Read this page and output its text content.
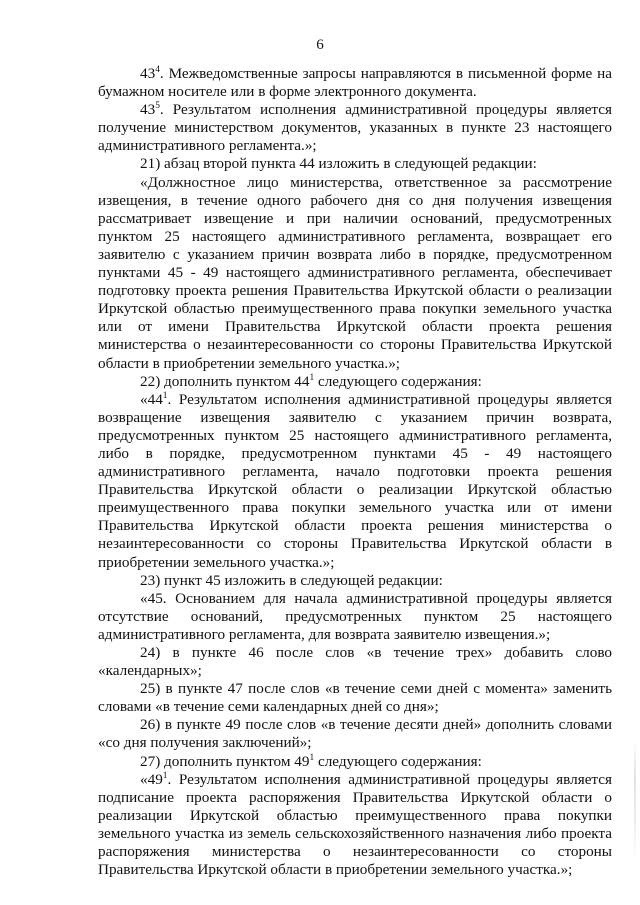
6

$43^4$. Межведомственные запросы направляются в письменной форме на бумажном носителе или в форме электронного документа.

$43^5$. Результатом исполнения административной процедуры является получение министерством документов, указанных в пункте 23 настоящего административного регламента.»;

21) абзац второй пункта 44 изложить в следующей редакции:

«Должностное лицо министерства, ответственное за рассмотрение извещения, в течение одного рабочего дня со дня получения извещения рассматривает извещение и при наличии оснований, предусмотренных пунктом 25 настоящего административного регламента, возвращает его заявителю с указанием причин возврата либо в порядке, предусмотренном пунктами 45 - 49 настоящего административного регламента, обеспечивает подготовку проекта решения Правительства Иркутской области о реализации Иркутской областью преимущественного права покупки земельного участка или от имени Правительства Иркутской области проекта решения министерства о незаинтересованности со стороны Правительства Иркутской области в приобретении земельного участка.»;

22) дополнить пунктом $44^1$ следующего содержания:

«$44^1$. Результатом исполнения административной процедуры является возвращение извещения заявителю с указанием причин возврата, предусмотренных пунктом 25 настоящего административного регламента, либо в порядке, предусмотренном пунктами 45 - 49 настоящего административного регламента, начало подготовки проекта решения Правительства Иркутской области о реализации Иркутской областью преимущественного права покупки земельного участка или от имени Правительства Иркутской области проекта решения министерства о незаинтересованности со стороны Правительства Иркутской области в приобретении земельного участка.»;

23) пункт 45 изложить в следующей редакции:

«45. Основанием для начала административной процедуры является отсутствие оснований, предусмотренных пунктом 25 настоящего административного регламента, для возврата заявителю извещения.»;

24) в пункте 46 после слов «в течение трех» добавить слово «календарных»;

25) в пункте 47 после слов «в течение семи дней с момента» заменить словами «в течение семи календарных дней со дня»;

26) в пункте 49 после слов «в течение десяти дней» дополнить словами «со дня получения заключений»;

27) дополнить пунктом $49^1$ следующего содержания:

«$49^1$. Результатом исполнения административной процедуры является подписание проекта распоряжения Правительства Иркутской области о реализации Иркутской областью преимущественного права покупки земельного участка из земель сельскохозяйственного назначения либо проекта распоряжения министерства о незаинтересованности со стороны Правительства Иркутской области в приобретении земельного участка.»;
